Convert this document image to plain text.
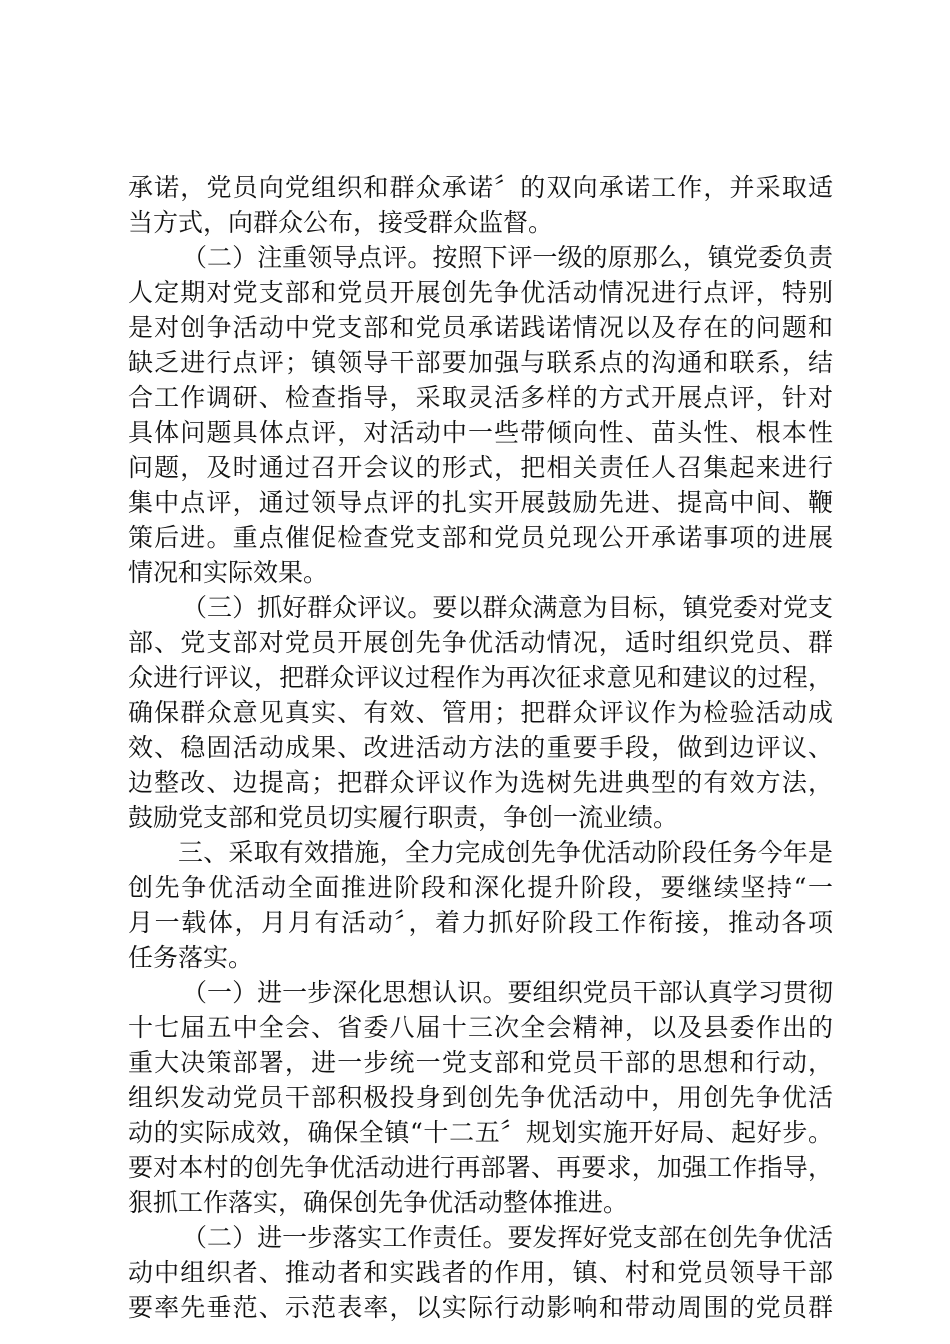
承诺，党员向党组织和群众承诺〞的双向承诺工作，并采取适
当方式，向群众公布，接受群众监督。
（二）注重领导点评。按照下评一级的原那么，镇党委负责
人定期对党支部和党员开展创先争优活动情况进行点评，特别
是对创争活动中党支部和党员承诺践诺情况以及存在的问题和
缺乏进行点评；镇领导干部要加强与联系点的沟通和联系，结
合工作调研、检查指导，采取灵活多样的方式开展点评，针对
具体问题具体点评，对活动中一些带倾向性、苗头性、根本性
问题，及时通过召开会议的形式，把相关责任人召集起来进行
集中点评，通过领导点评的扎实开展鼓励先进、提高中间、鞭
策后进。重点催促检查党支部和党员兑现公开承诺事项的进展
情况和实际效果。
（三）抓好群众评议。要以群众满意为目标，镇党委对党支
部、党支部对党员开展创先争优活动情况，适时组织党员、群
众进行评议，把群众评议过程作为再次征求意见和建议的过程，
确保群众意见真实、有效、管用；把群众评议作为检验活动成
效、稳固活动成果、改进活动方法的重要手段，做到边评议、
边整改、边提高；把群众评议作为选树先进典型的有效方法，
鼓励党支部和党员切实履行职责，争创一流业绩。
三、采取有效措施，全力完成创先争优活动阶段任务今年是
创先争优活动全面推进阶段和深化提升阶段，要继续坚持“一
月一载体，月月有活动〞，着力抓好阶段工作衔接，推动各项
任务落实。
（一）进一步深化思想认识。要组织党员干部认真学习贯彻
十七届五中全会、省委八届十三次全会精神，以及县委作出的
重大决策部署，进一步统一党支部和党员干部的思想和行动，
组织发动党员干部积极投身到创先争优活动中，用创先争优活
动的实际成效，确保全镇“十二五〞规划实施开好局、起好步。
要对本村的创先争优活动进行再部署、再要求，加强工作指导，
狠抓工作落实，确保创先争优活动整体推进。
（二）进一步落实工作责任。要发挥好党支部在创先争优活
动中组织者、推动者和实践者的作用，镇、村和党员领导干部
要率先垂范、示范表率，以实际行动影响和带动周围的党员群
